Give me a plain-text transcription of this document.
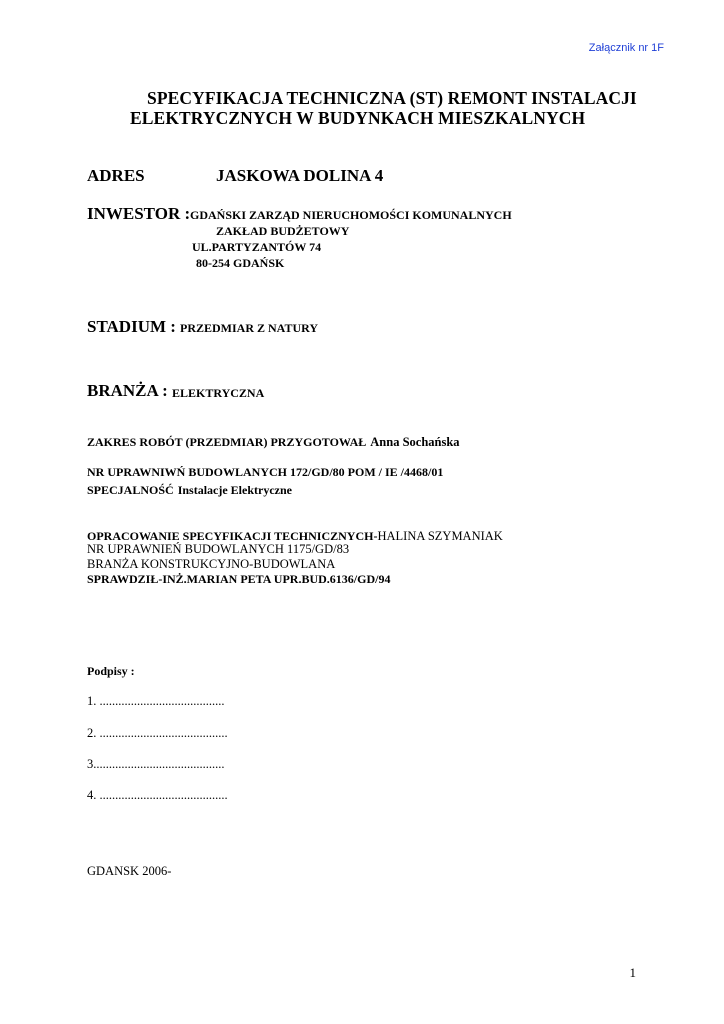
Załącznik nr 1F
SPECYFIKACJA TECHNICZNA (ST) REMONT INSTALACJI
ELEKTRYCZNYCH W BUDYNKACH MIESZKALNYCH
ADRES	JASKOWA DOLINA 4
INWESTOR : GDAŃSKI ZARZĄD NIERUCHOMOŚCI KOMUNALNYCH
ZAKŁAD BUDŻETOWY
UL.PARTYZANTÓW 74
80-254 GDAŃSK
STADIUM : PRZEDMIAR Z NATURY
BRANŻA : ELEKTRYCZNA
ZAKRES ROBÓT (PRZEDMIAR) PRZYGOTOWAŁ Anna Sochańska
NR UPRAWNIWŃ BUDOWLANYCH 172/GD/80 POM / IE /4468/01
SPECJALNOŚĆ Instalacje Elektryczne
OPRACOWANIE SPECYFIKACJI TECHNICZNYCH-HALINA SZYMANIAK
NR UPRAWNIEŃ BUDOWLANYCH 1175/GD/83
BRANŻA KONSTRUKCYJNO-BUDOWLANA
SPRAWDZIŁ-INŻ.MARIAN PETA UPR.BUD.6136/GD/94
Podpisy :
1. ........................................
2. .........................................
3..........................................
4. .........................................
GDANSK 2006-
1
